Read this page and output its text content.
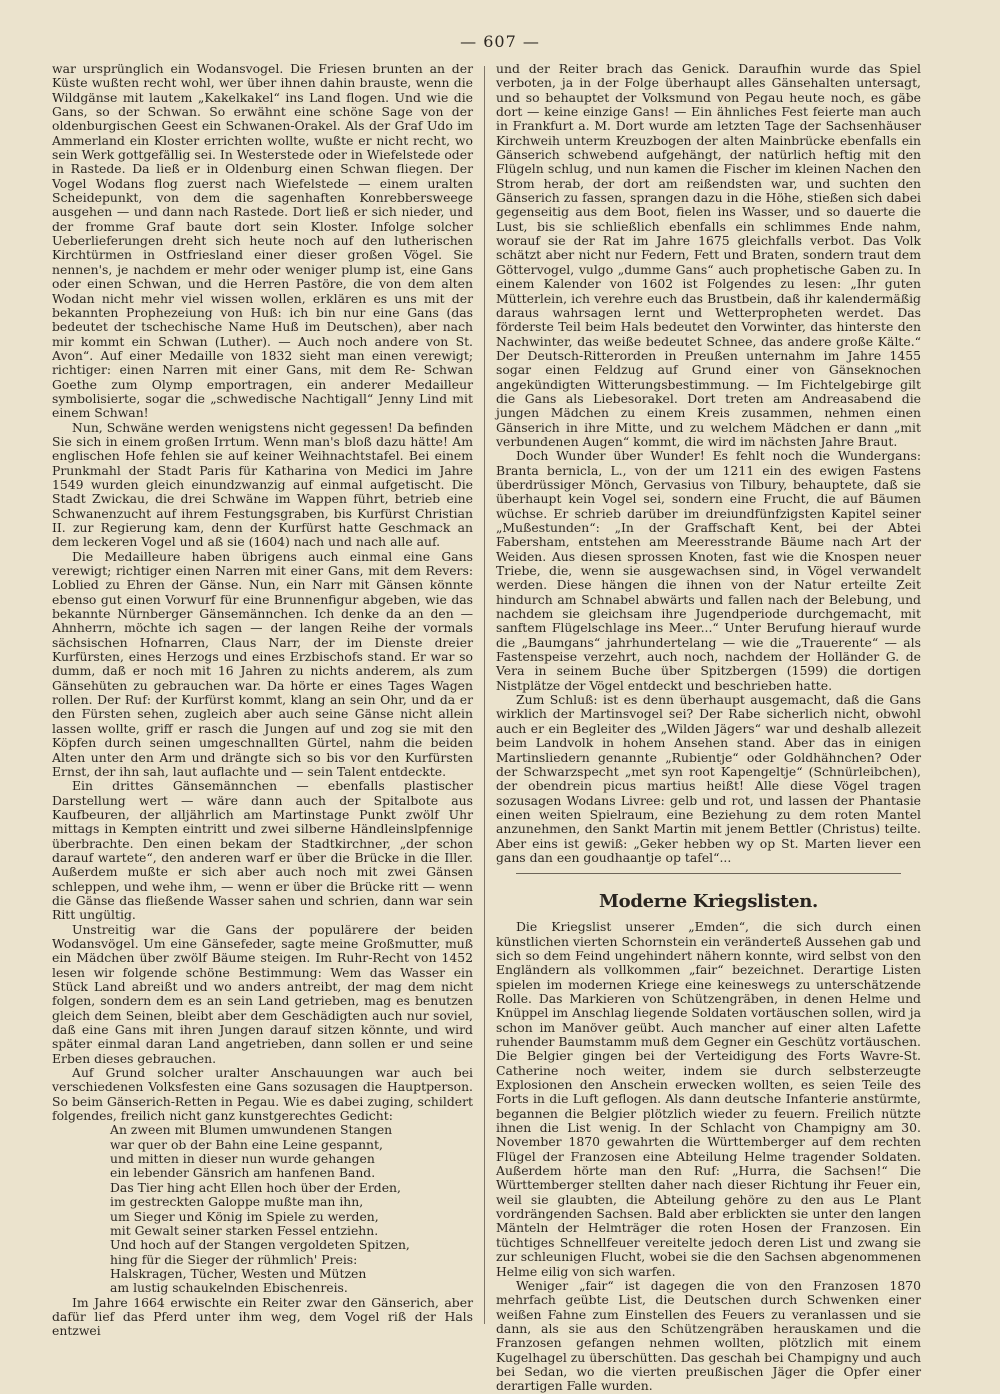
— 607 —

war ursprünglich ein Wodansvogel. Die Friesen brunten an der Küste wußten recht wohl, wer über ihnen dahin brauste, wenn die Wildgänse mit lautem „Kakelkakel“ ins Land flogen. Und wie die Gans, so der Schwan. So erwähnt eine schöne Sage von der oldenburgischen Geest ein Schwanen-Orakel. Als der Graf Udo im Ammerland ein Kloster errichten wollte, wußte er nicht recht, wo sein Werk gottgefällig sei. In Westerstede oder in Wiefelstede oder in Rastede. Da ließ er in Oldenburg einen Schwan fliegen. Der Vogel Wodans flog zuerst nach Wiefelstede — einem uralten Scheidepunkt, von dem die sagenhaften Konrebbersweege ausgehen — und dann nach Rastede. Dort ließ er sich nieder, und der fromme Graf baute dort sein Kloster. Infolge solcher Ueberlieferungen dreht sich heute noch auf den lutherischen Kirchtürmen in Ostfriesland einer dieser großen Vögel. Sie nennen's, je nachdem er mehr oder weniger plump ist, eine Gans oder einen Schwan, und die Herren Pastöre, die von dem alten Wodan nicht mehr viel wissen wollen, erklären es uns mit der bekannten Prophezeiung von Huß: ich bin nur eine Gans (das bedeutet der tschechische Name Huß im Deutschen), aber nach mir kommt ein Schwan (Luther). — Auch noch andere von St. Avon“. Auf einer Medaille von 1832 sieht man einen verewigt; richtiger: einen Narren mit einer Gans, mit dem Re- Schwan Goethe zum Olymp emportragen, ein anderer Medailleur symbolisierte, sogar die „schwedische Nachtigall“ Jenny Lind mit einem Schwan!

Nun, Schwäne werden wenigstens nicht gegessen! Da befinden Sie sich in einem großen Irrtum. Wenn man's bloß dazu hätte! Am englischen Hofe fehlen sie auf keiner Weihnachtstafel. Bei einem Prunkmahl der Stadt Paris für Katharina von Medici im Jahre 1549 wurden gleich einundzwanzig auf einmal aufgetischt. Die Stadt Zwickau, die drei Schwäne im Wappen führt, betrieb eine Schwanenzucht auf ihrem Festungsgraben, bis Kurfürst Christian II. zur Regierung kam, denn der Kurfürst hatte Geschmack an dem leckeren Vogel und aß sie (1604) nach und nach alle auf.

Die Medailleure haben übrigens auch einmal eine Gans verewigt; richtiger einen Narren mit einer Gans, mit dem Revers: Loblied zu Ehren der Gänse. Nun, ein Narr mit Gänsen könnte ebenso gut einen Vorwurf für eine Brunnenfigur abgeben, wie das bekannte Nürnberger Gänsemännchen. Ich denke da an den — Ahnherrn, möchte ich sagen — der langen Reihe der vormals sächsischen Hofnarren, Claus Narr, der im Dienste dreier Kurfürsten, eines Herzogs und eines Erzbischofs stand. Er war so dumm, daß er noch mit 16 Jahren zu nichts anderem, als zum Gänsehüten zu gebrauchen war. Da hörte er eines Tages Wagen rollen. Der Ruf: der Kurfürst kommt, klang an sein Ohr, und da er den Fürsten sehen, zugleich aber auch seine Gänse nicht allein lassen wollte, griff er rasch die Jungen auf und zog sie mit den Köpfen durch seinen umgeschnallten Gürtel, nahm die beiden Alten unter den Arm und drängte sich so bis vor den Kurfürsten Ernst, der ihn sah, laut auflachte und — sein Talent entdeckte.

Ein drittes Gänsemännchen — ebenfalls plastischer Darstellung wert — wäre dann auch der Spitalbote aus Kaufbeuren, der alljährlich am Martinstage Punkt zwölf Uhr mittags in Kempten eintritt und zwei silberne Händleinslpfennige überbrachte. Den einen bekam der Stadtkirchner, „der schon darauf wartete“, den anderen warf er über die Brücke in die Iller. Außerdem mußte er sich aber auch noch mit zwei Gänsen schleppen, und wehe ihm, — wenn er über die Brücke ritt — wenn die Gänse das fließende Wasser sahen und schrien, dann war sein Ritt ungültig.

Unstreitig war die Gans der populärere der beiden Wodansvögel. Um eine Gänsefeder, sagte meine Großmutter, muß ein Mädchen über zwölf Bäume steigen. Im Ruhr-Recht von 1452 lesen wir folgende schöne Bestimmung: Wem das Wasser ein Stück Land abreißt und wo anders antreibt, der mag dem nicht folgen, sondern dem es an sein Land getrieben, mag es benutzen gleich dem Seinen, bleibt aber dem Geschädigten auch nur soviel, daß eine Gans mit ihren Jungen darauf sitzen könnte, und wird später einmal daran Land angetrieben, dann sollen er und seine Erben dieses gebrauchen.

Auf Grund solcher uralter Anschauungen war auch bei verschiedenen Volksfesten eine Gans sozusagen die Hauptperson. So beim Gänserich-Retten in Pegau. Wie es dabei zuging, schildert folgendes, freilich nicht ganz kunstgerechtes Gedicht:

An zween mit Blumen umwundenen Stangen
war quer ob der Bahn eine Leine gespannt,
und mitten in dieser nun wurde gehangen
ein lebender Gänsrich am hanfenen Band.
Das Tier hing acht Ellen hoch über der Erden,
im gestreckten Galoppe mußte man ihn,
um Sieger und König im Spiele zu werden,
mit Gewalt seiner starken Fessel entziehn.
Und hoch auf der Stangen vergoldeten Spitzen,
hing für die Sieger der rühmlich' Preis:
Halskragen, Tücher, Westen und Mützen
am lustig schaukelnden Ebischenreis.

Im Jahre 1664 erwischte ein Reiter zwar den Gänserich, aber dafür lief das Pferd unter ihm weg, dem Vogel riß der Hals entzwei

und der Reiter brach das Genick. Daraufhin wurde das Spiel verboten, ja in der Folge überhaupt alles Gänsehalten untersagt, und so behauptet der Volksmund von Pegau heute noch, es gäbe dort — keine einzige Gans! — Ein ähnliches Fest feierte man auch in Frankfurt a. M. Dort wurde am letzten Tage der Sachsenhäuser Kirchweih unterm Kreuzbogen der alten Mainbrücke ebenfalls ein Gänserich schwebend aufgehängt, der natürlich heftig mit den Flügeln schlug, und nun kamen die Fischer im kleinen Nachen den Strom herab, der dort am reißendsten war, und suchten den Gänserich zu fassen, sprangen dazu in die Höhe, stießen sich dabei gegenseitig aus dem Boot, fielen ins Wasser, und so dauerte die Lust, bis sie schließlich ebenfalls ein schlimmes Ende nahm, worauf sie der Rat im Jahre 1675 gleichfalls verbot. Das Volk schätzt aber nicht nur Federn, Fett und Braten, sondern traut dem Göttervogel, vulgo „dumme Gans“ auch prophetische Gaben zu. In einem Kalender von 1602 ist Folgendes zu lesen: „Ihr guten Mütterlein, ich verehre euch das Brustbein, daß ihr kalendermäßig daraus wahrsagen lernt und Wetterpropheten werdet. Das förderste Teil beim Hals bedeutet den Vorwinter, das hinterste den Nachwinter, das weiße bedeutet Schnee, das andere große Kälte.“ Der Deutsch-Ritterorden in Preußen unternahm im Jahre 1455 sogar einen Feldzug auf Grund einer von Gänseknochen angekündigten Witterungsbestimmung. — Im Fichtelgebirge gilt die Gans als Liebesorakel. Dort treten am Andreasabend die jungen Mädchen zu einem Kreis zusammen, nehmen einen Gänserich in ihre Mitte, und zu welchem Mädchen er dann „mit verbundenen Augen“ kommt, die wird im nächsten Jahre Braut.

Doch Wunder über Wunder! Es fehlt noch die Wundergans: Branta bernicla, L., von der um 1211 ein des ewigen Fastens überdrüssiger Mönch, Gervasius von Tilbury, behauptete, daß sie überhaupt kein Vogel sei, sondern eine Frucht, die auf Bäumen wüchse. Er schrieb darüber im dreiundfünfzigsten Kapitel seiner „Mußestunden“: „In der Graffschaft Kent, bei der Abtei Fabersham, entstehen am Meeresstrande Bäume nach Art der Weiden. Aus diesen sprossen Knoten, fast wie die Knospen neuer Triebe, die, wenn sie ausgewachsen sind, in Vögel verwandelt werden. Diese hängen die ihnen von der Natur erteilte Zeit hindurch am Schnabel abwärts und fallen nach der Belebung, und nachdem sie gleichsam ihre Jugendperiode durchgemacht, mit sanftem Flügelschlage ins Meer...“ Unter Berufung hierauf wurde die „Baumgans“ jahrhundertelang — wie die „Trauerente“ — als Fastenspeise verzehrt, auch noch, nachdem der Holländer G. de Vera in seinem Buche über Spitzbergen (1599) die dortigen Nistplätze der Vögel entdeckt und beschrieben hatte.

Zum Schluß: ist es denn überhaupt ausgemacht, daß die Gans wirklich der Martinsvogel sei? Der Rabe sicherlich nicht, obwohl auch er ein Begleiter des „Wilden Jägers“ war und deshalb allezeit beim Landvolk in hohem Ansehen stand. Aber das in einigen Martinsliedern genannte „Rubientje“ oder Goldhähnchen? Oder der Schwarzspecht „met syn root Kapengeltje“ (Schnürleibchen), der obendrein picus martius heißt! Alle diese Vögel tragen sozusagen Wodans Livree: gelb und rot, und lassen der Phantasie einen weiten Spielraum, eine Beziehung zu dem roten Mantel anzunehmen, den Sankt Martin mit jenem Bettler (Christus) teilte. Aber eins ist gewiß: „Geker hebben wy op St. Marten liever een gans dan een goudhaantje op tafel“...

Moderne Kriegslisten.

Die Kriegslist unserer „Emden“, die sich durch einen künstlichen vierten Schornstein ein veränderteß Aussehen gab und sich so dem Feind ungehindert nähern konnte, wird selbst von den Engländern als vollkommen „fair“ bezeichnet. Derartige Listen spielen im modernen Kriege eine keineswegs zu unterschätzende Rolle. Das Markieren von Schützengräben, in denen Helme und Knüppel im Anschlag liegende Soldaten vortäuschen sollen, wird ja schon im Manöver geübt. Auch mancher auf einer alten Lafette ruhender Baumstamm muß dem Gegner ein Geschütz vortäuschen. Die Belgier gingen bei der Verteidigung des Forts Wavre-St. Catherine noch weiter, indem sie durch selbsterzeugte Explosionen den Anschein erwecken wollten, es seien Teile des Forts in die Luft geflogen. Als dann deutsche Infanterie anstürmte, begannen die Belgier plötzlich wieder zu feuern. Freilich nützte ihnen die List wenig. In der Schlacht von Champigny am 30. November 1870 gewahrten die Württemberger auf dem rechten Flügel der Franzosen eine Abteilung Helme tragender Soldaten. Außerdem hörte man den Ruf: „Hurra, die Sachsen!“ Die Württemberger stellten daher nach dieser Richtung ihr Feuer ein, weil sie glaubten, die Abteilung gehöre zu den aus Le Plant vordrängenden Sachsen. Bald aber erblickten sie unter den langen Mänteln der Helmträger die roten Hosen der Franzosen. Ein tüchtiges Schnellfeuer vereitelte jedoch deren List und zwang sie zur schleunigen Flucht, wobei sie die den Sachsen abgenommenen Helme eilig von sich warfen.

Weniger „fair“ ist dagegen die von den Franzosen 1870 mehrfach geübte List, die Deutschen durch Schwenken einer weißen Fahne zum Einstellen des Feuers zu veranlassen und sie dann, als sie aus den Schützengräben herauskamen und die Franzosen gefangen nehmen wollten, plötzlich mit einem Kugelhagel zu überschütten. Das geschah bei Champigny und auch bei Sedan, wo die vierten preußischen Jäger die Opfer einer derartigen Falle wurden.
